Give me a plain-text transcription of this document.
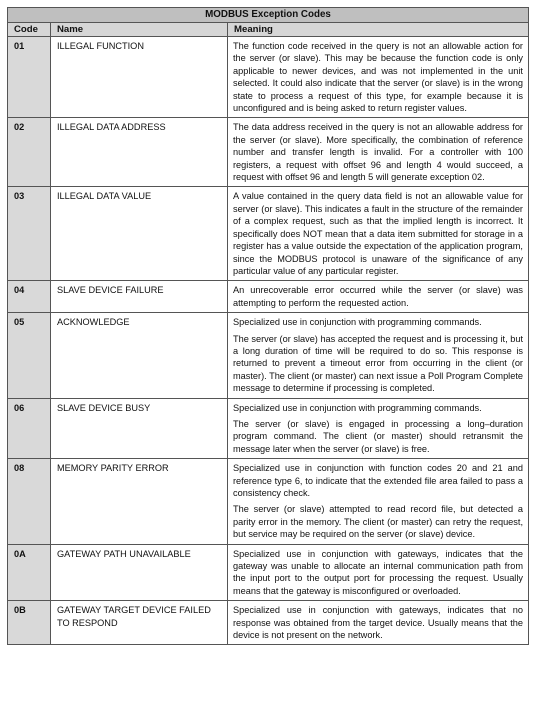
MODBUS Exception Codes		
Code	Name	Meaning
01	ILLEGAL FUNCTION	The function code received in the query is not an allowable action for the server (or slave). This may be because the function code is only applicable to newer devices, and was not implemented in the unit selected. It could also indicate that the server (or slave) is in the wrong state to process a request of this type, for example because it is unconfigured and is being asked to return register values.

02	ILLEGAL DATA ADDRESS	The data address received in the query is not an allowable address for the server (or slave). More specifically, the combination of reference number and transfer length is invalid. For a controller with 100 registers, a request with offset 96 and length 4 would succeed, a request with offset 96 and length 5 will generate exception 02.

03	ILLEGAL DATA VALUE	A value contained in the query data field is not an allowable value for server (or slave). This indicates a fault in the structure of the remainder of a complex request, such as that the implied length is incorrect. It specifically does NOT mean that a data item submitted for storage in a register has a value outside the expectation of the application program, since the MODBUS protocol is unaware of the significance of any particular value of any particular register.

04	SLAVE DEVICE FAILURE	An unrecoverable error occurred while the server (or slave) was attempting to perform the requested action.

05	ACKNOWLEDGE	Specialized use in conjunction with programming commands.

The server (or slave) has accepted the request and is processing it, but a long duration of time will be required to do so. This response is returned to prevent a timeout error from occurring in the client (or master). The client (or master) can next issue a Poll Program Complete message to determine if processing is completed.

06	SLAVE DEVICE BUSY	Specialized use in conjunction with programming commands.

The server (or slave) is engaged in processing a long–duration program command. The client (or master) should retransmit the message later when the server (or slave) is free.

08	MEMORY PARITY ERROR	Specialized use in conjunction with function codes 20 and 21 and reference type 6, to indicate that the extended file area failed to pass a consistency check.

The server (or slave) attempted to read record file, but detected a parity error in the memory. The client (or master) can retry the request, but service may be required on the server (or slave) device.

0A	GATEWAY PATH UNAVAILABLE	Specialized use in conjunction with gateways, indicates that the gateway was unable to allocate an internal communication path from the input port to the output port for processing the request. Usually means that the gateway is misconfigured or overloaded.

0B	GATEWAY TARGET DEVICE FAILED TO RESPOND	Specialized use in conjunction with gateways, indicates that no response was obtained from the target device. Usually means that the device is not present on the network.
